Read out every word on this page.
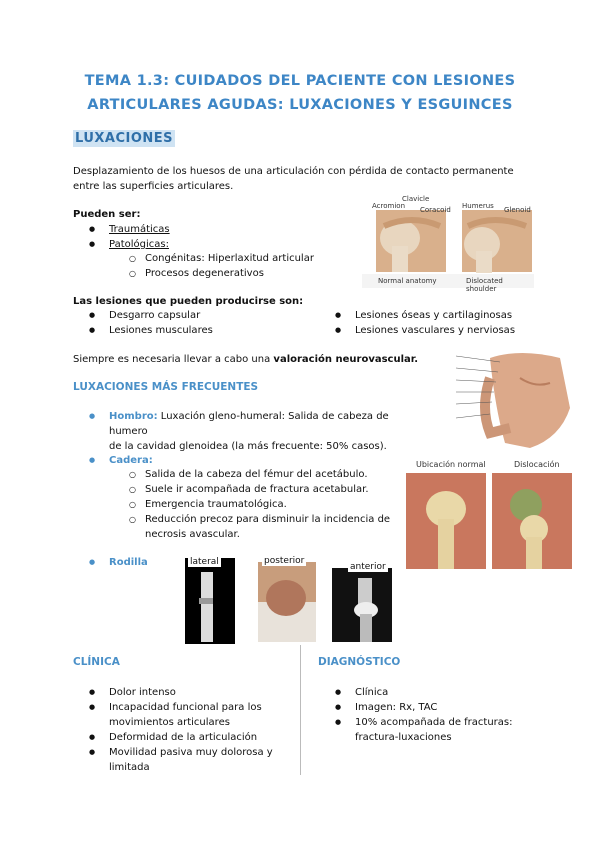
TEMA 1.3: CUIDADOS DEL PACIENTE CON LESIONES
ARTICULARES AGUDAS: LUXACIONES Y ESGUINCES
LUXACIONES
Desplazamiento de los huesos de una articulación con pérdida de contacto permanente
entre las superficies articulares.
Pueden ser:
● Traumáticas
● Patológicas:
○ Congénitas: Hiperlaxitud articular
○ Procesos degenerativos
Acromion
Clavicle
Coracoid Humerus Glenoid
Normal anatomy	Dislocated shoulder
Las lesiones que pueden producirse son:
● Desgarro capsular
● Lesiones musculares
● Lesiones óseas y cartilaginosas
● Lesiones vasculares y nerviosas
Siempre es necesaria llevar a cabo una valoración neurovascular.
LUXACIONES MÁS FRECUENTES
● Hombro: Luxación gleno-humeral: Salida de cabeza de humero
de la cavidad glenoidea (la más frecuente: 50% casos).
● Cadera:
○ Salida de la cabeza del fémur del acetábulo.
○ Suele ir acompañada de fractura acetabular.
○ Emergencia traumatológica.
○ Reducción precoz para disminuir la incidencia de
necrosis avascular.
Ubicación normal	Dislocación
● Rodilla	lateral	posterior
anterior
CLÍNICA
● Dolor intenso
● Incapacidad funcional para los
movimientos articulares
● Deformidad de la articulación
● Movilidad pasiva muy dolorosa y
limitada
DIAGNÓSTICO
● Clínica
● Imagen: Rx, TAC
● 10% acompañada de fracturas:
fractura-luxaciones
